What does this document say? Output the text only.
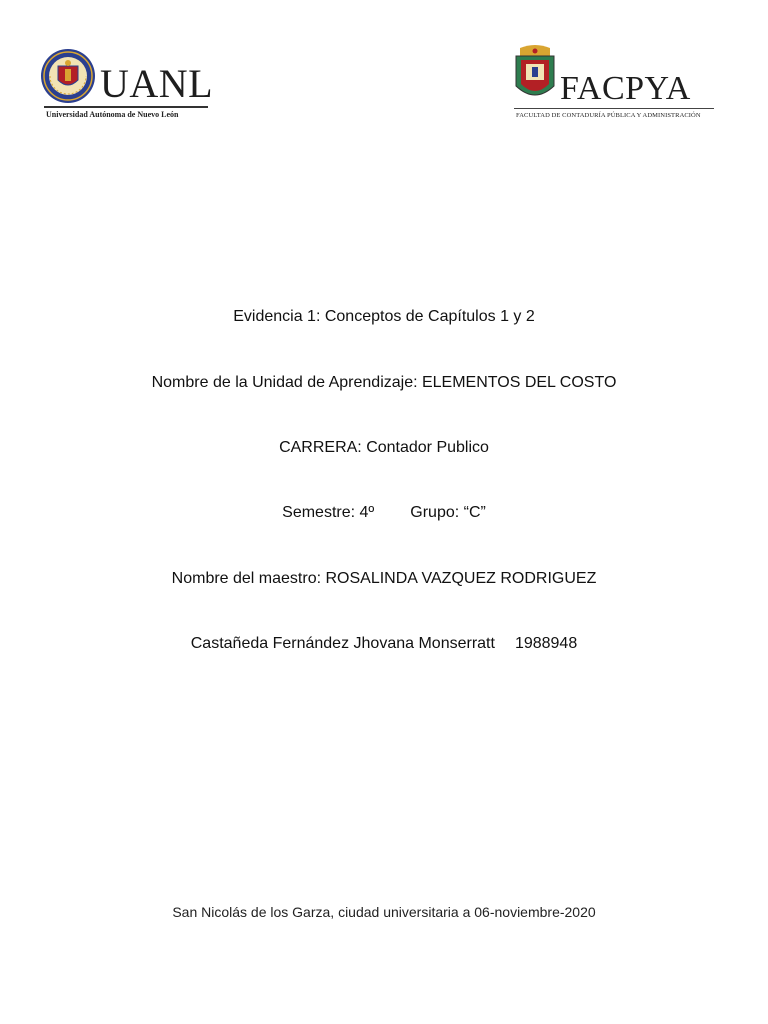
UANL
Universidad Autónoma de Nuevo León
FACPYA
FACULTAD DE CONTADURÍA PÚBLICA Y ADMINISTRACIÓN
Evidencia 1: Conceptos de Capítulos 1 y 2
Nombre de la Unidad de Aprendizaje: ELEMENTOS DEL COSTO
CARRERA: Contador Publico
Semestre: 4º Grupo: “C”
Nombre del maestro: ROSALINDA VAZQUEZ RODRIGUEZ
Castañeda Fernández Jhovana Monserratt 1988948
San Nicolás de los Garza, ciudad universitaria a 06-noviembre-2020
